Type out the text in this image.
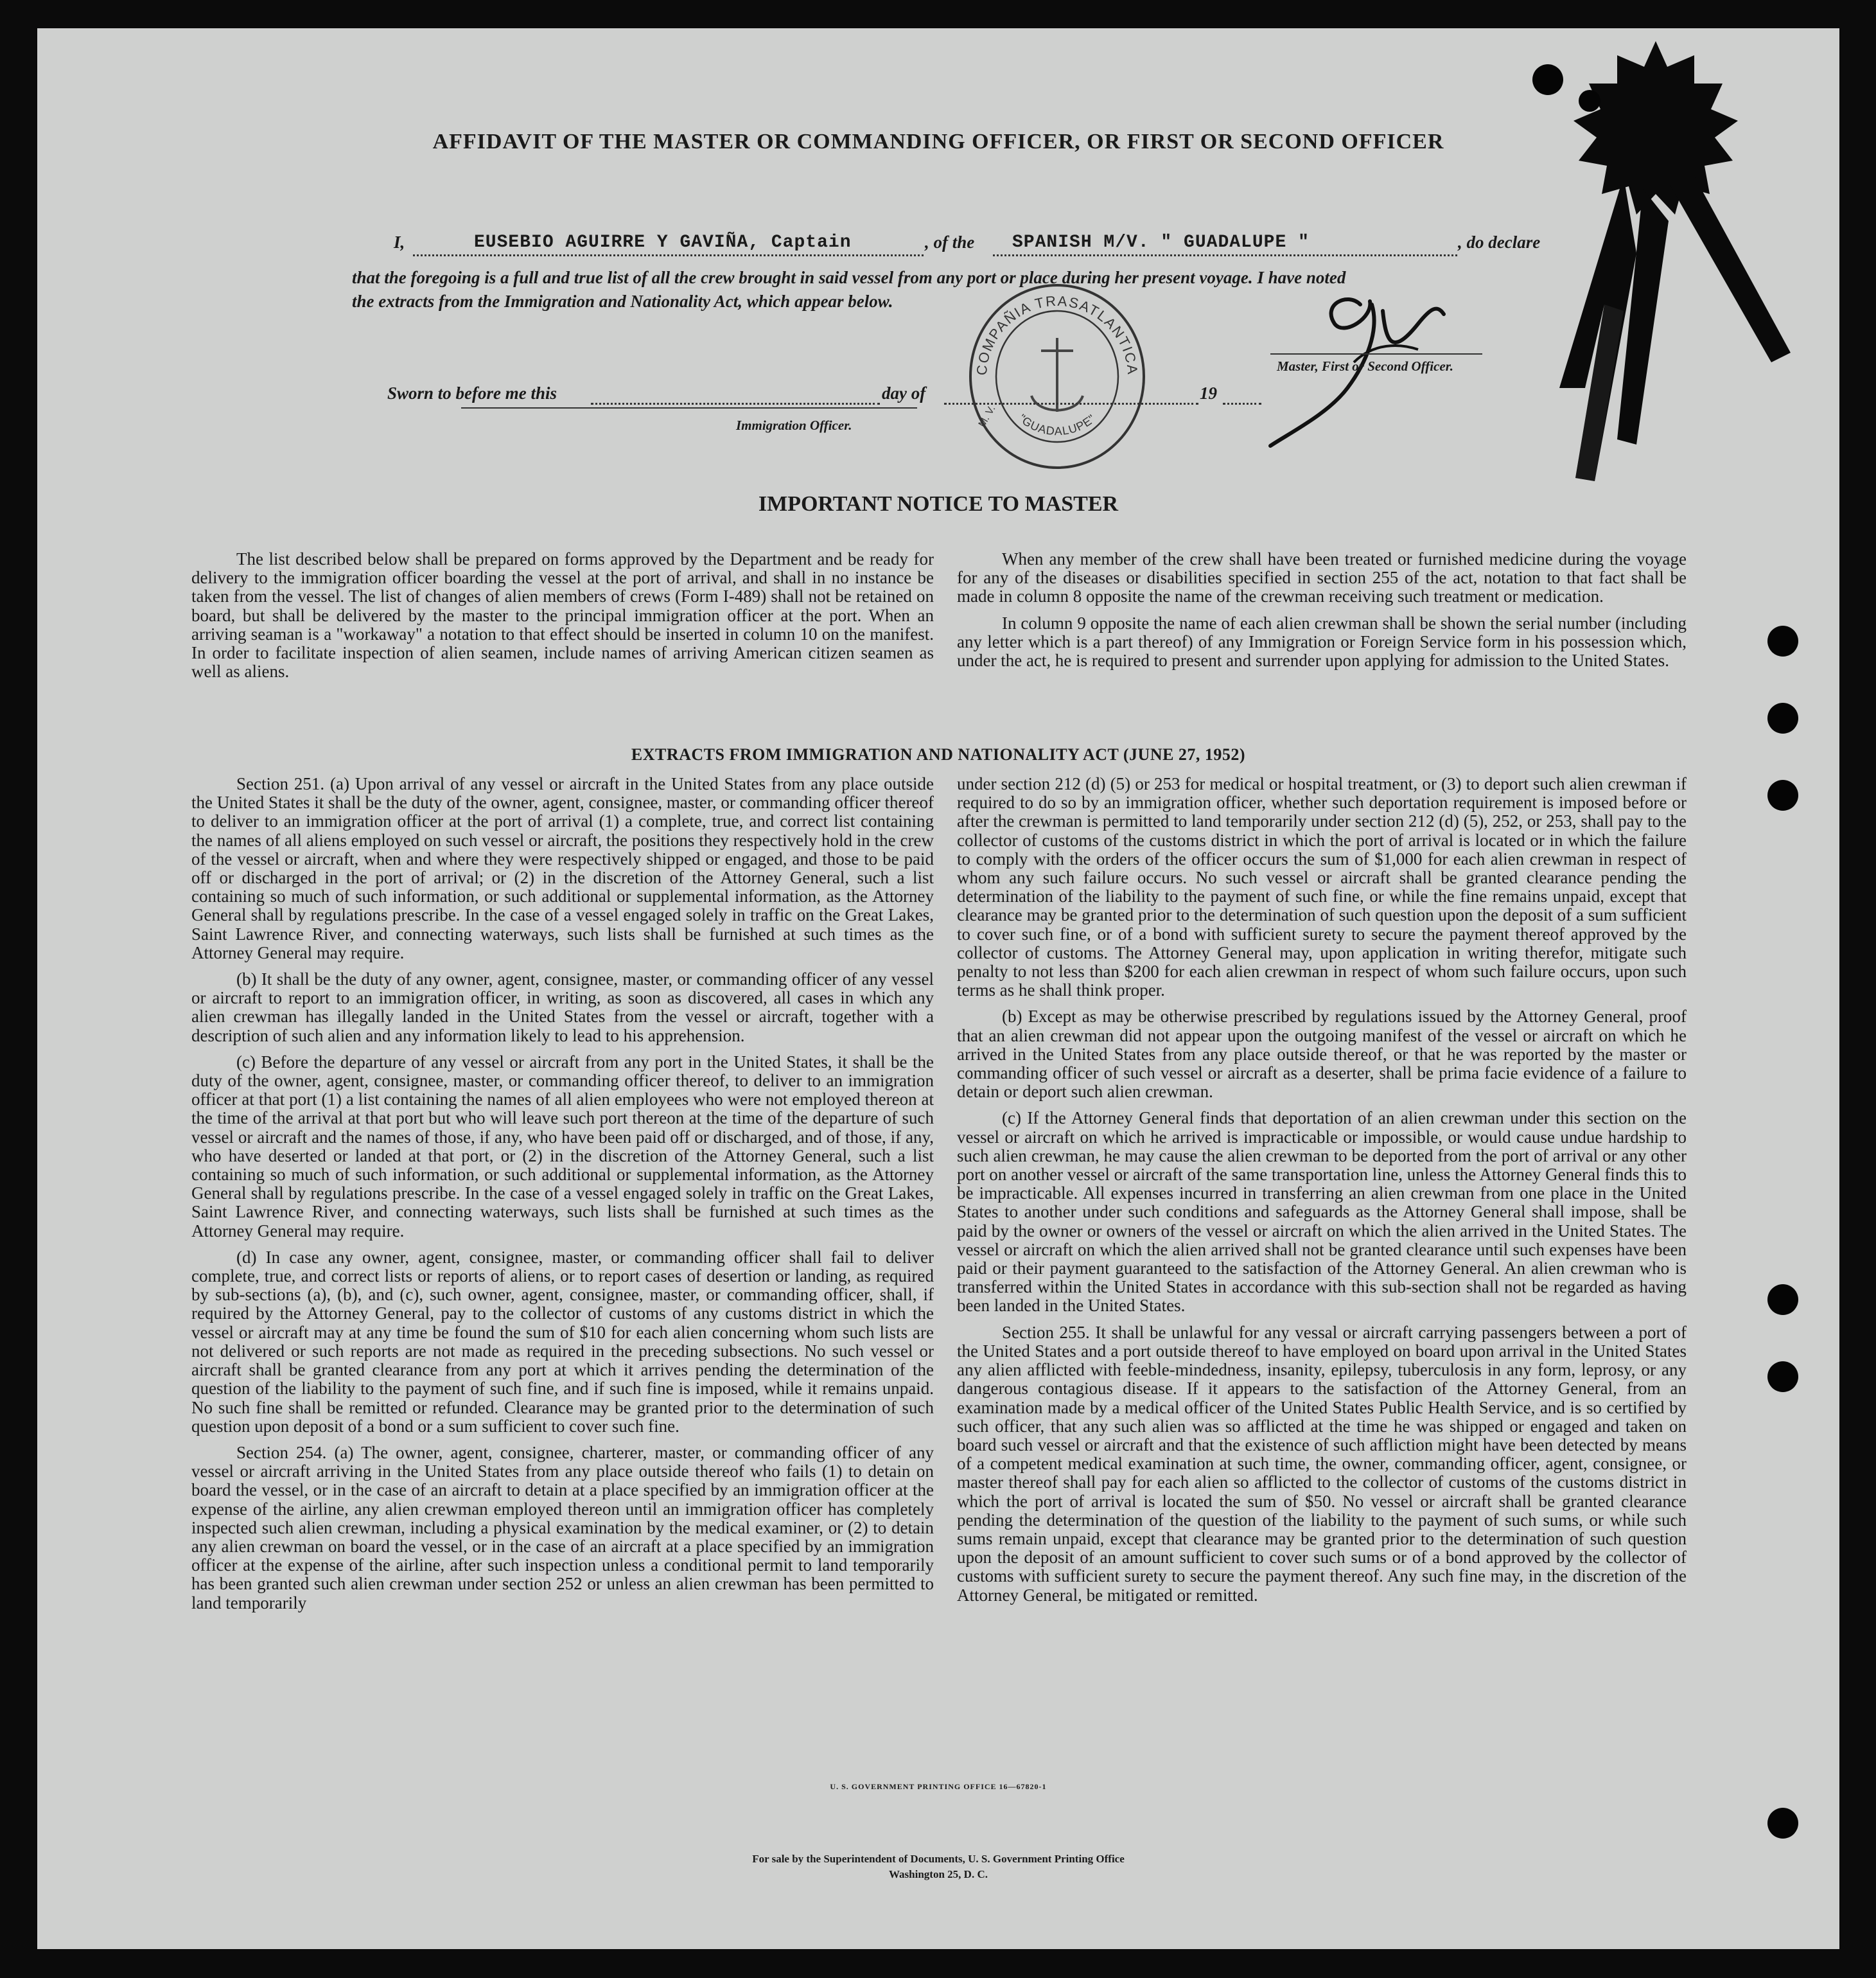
AFFIDAVIT OF THE MASTER OR COMMANDING OFFICER, OR FIRST OR SECOND OFFICER
I,	EUSEBIO AGUIRRE Y GAVIÑA, Captain	, of the	SPANISH M/V. " GUADALUPE "	, do declare
that the foregoing is a full and true list of all the crew brought in said vessel from any port or place during her present voyage. I have noted
the extracts from the Immigration and Nationality Act, which appear below.
Master, First or Second Officer.
COMPAÑIA TRASATLANTICA
"GUADALUPE"
M. V.
Sworn to before me this	day of	19
Immigration Officer.
IMPORTANT NOTICE TO MASTER

The list described below shall be prepared on forms approved by the Department and be ready for delivery to the immigration officer boarding the vessel at the port of arrival, and shall in no instance be taken from the vessel. The list of changes of alien members of crews (Form I-489) shall not be retained on board, but shall be delivered by the master to the principal immigration officer at the port. When an arriving seaman is a "workaway" a notation to that effect should be inserted in column 10 on the manifest. In order to facilitate inspection of alien seamen, include names of arriving American citizen seamen as well as aliens.

When any member of the crew shall have been treated or furnished medicine during the voyage for any of the diseases or disabilities specified in section 255 of the act, notation to that fact shall be made in column 8 opposite the name of the crewman receiving such treatment or medication.

In column 9 opposite the name of each alien crewman shall be shown the serial number (including any letter which is a part thereof) of any Immigration or Foreign Service form in his possession which, under the act, he is required to present and surrender upon applying for admission to the United States.

EXTRACTS FROM IMMIGRATION AND NATIONALITY ACT (JUNE 27, 1952)

Section 251. (a) Upon arrival of any vessel or aircraft in the United States from any place outside the United States it shall be the duty of the owner, agent, consignee, master, or commanding officer thereof to deliver to an immigration officer at the port of arrival (1) a complete, true, and correct list containing the names of all aliens employed on such vessel or aircraft, the positions they respectively hold in the crew of the vessel or aircraft, when and where they were respectively shipped or engaged, and those to be paid off or discharged in the port of arrival; or (2) in the discretion of the Attorney General, such a list containing so much of such information, or such additional or supplemental information, as the Attorney General shall by regulations prescribe. In the case of a vessel engaged solely in traffic on the Great Lakes, Saint Lawrence River, and connecting waterways, such lists shall be furnished at such times as the Attorney General may require.

(b) It shall be the duty of any owner, agent, consignee, master, or commanding officer of any vessel or aircraft to report to an immigration officer, in writing, as soon as discovered, all cases in which any alien crewman has illegally landed in the United States from the vessel or aircraft, together with a description of such alien and any information likely to lead to his apprehension.

(c) Before the departure of any vessel or aircraft from any port in the United States, it shall be the duty of the owner, agent, consignee, master, or commanding officer thereof, to deliver to an immigration officer at that port (1) a list containing the names of all alien employees who were not employed thereon at the time of the arrival at that port but who will leave such port thereon at the time of the departure of such vessel or aircraft and the names of those, if any, who have been paid off or discharged, and of those, if any, who have deserted or landed at that port, or (2) in the discretion of the Attorney General, such a list containing so much of such information, or such additional or supplemental information, as the Attorney General shall by regulations prescribe. In the case of a vessel engaged solely in traffic on the Great Lakes, Saint Lawrence River, and connecting waterways, such lists shall be furnished at such times as the Attorney General may require.

(d) In case any owner, agent, consignee, master, or commanding officer shall fail to deliver complete, true, and correct lists or reports of aliens, or to report cases of desertion or landing, as required by sub-sections (a), (b), and (c), such owner, agent, consignee, master, or commanding officer, shall, if required by the Attorney General, pay to the collector of customs of any customs district in which the vessel or aircraft may at any time be found the sum of $10 for each alien concerning whom such lists are not delivered or such reports are not made as required in the preceding subsections. No such vessel or aircraft shall be granted clearance from any port at which it arrives pending the determination of the question of the liability to the payment of such fine, and if such fine is imposed, while it remains unpaid. No such fine shall be remitted or refunded. Clearance may be granted prior to the determination of such question upon deposit of a bond or a sum sufficient to cover such fine.

Section 254. (a) The owner, agent, consignee, charterer, master, or commanding officer of any vessel or aircraft arriving in the United States from any place outside thereof who fails (1) to detain on board the vessel, or in the case of an aircraft to detain at a place specified by an immigration officer at the expense of the airline, any alien crewman employed thereon until an immigration officer has completely inspected such alien crewman, including a physical examination by the medical examiner, or (2) to detain any alien crewman on board the vessel, or in the case of an aircraft at a place specified by an immigration officer at the expense of the airline, after such inspection unless a conditional permit to land temporarily has been granted such alien crewman under section 252 or unless an alien crewman has been permitted to land temporarily

under section 212 (d) (5) or 253 for medical or hospital treatment, or (3) to deport such alien crewman if required to do so by an immigration officer, whether such deportation requirement is imposed before or after the crewman is permitted to land temporarily under section 212 (d) (5), 252, or 253, shall pay to the collector of customs of the customs district in which the port of arrival is located or in which the failure to comply with the orders of the officer occurs the sum of $1,000 for each alien crewman in respect of whom any such failure occurs. No such vessel or aircraft shall be granted clearance pending the determination of the liability to the payment of such fine, or while the fine remains unpaid, except that clearance may be granted prior to the determination of such question upon the deposit of a sum sufficient to cover such fine, or of a bond with sufficient surety to secure the payment thereof approved by the collector of customs. The Attorney General may, upon application in writing therefor, mitigate such penalty to not less than $200 for each alien crewman in respect of whom such failure occurs, upon such terms as he shall think proper.

(b) Except as may be otherwise prescribed by regulations issued by the Attorney General, proof that an alien crewman did not appear upon the outgoing manifest of the vessel or aircraft on which he arrived in the United States from any place outside thereof, or that he was reported by the master or commanding officer of such vessel or aircraft as a deserter, shall be prima facie evidence of a failure to detain or deport such alien crewman.

(c) If the Attorney General finds that deportation of an alien crewman under this section on the vessel or aircraft on which he arrived is impracticable or impossible, or would cause undue hardship to such alien crewman, he may cause the alien crewman to be deported from the port of arrival or any other port on another vessel or aircraft of the same transportation line, unless the Attorney General finds this to be impracticable. All expenses incurred in transferring an alien crewman from one place in the United States to another under such conditions and safeguards as the Attorney General shall impose, shall be paid by the owner or owners of the vessel or aircraft on which the alien arrived in the United States. The vessel or aircraft on which the alien arrived shall not be granted clearance until such expenses have been paid or their payment guaranteed to the satisfaction of the Attorney General. An alien crewman who is transferred within the United States in accordance with this sub-section shall not be regarded as having been landed in the United States.

Section 255. It shall be unlawful for any vessal or aircraft carrying passengers between a port of the United States and a port outside thereof to have employed on board upon arrival in the United States any alien afflicted with feeble-mindedness, insanity, epilepsy, tuberculosis in any form, leprosy, or any dangerous contagious disease. If it appears to the satisfaction of the Attorney General, from an examination made by a medical officer of the United States Public Health Service, and is so certified by such officer, that any such alien was so afflicted at the time he was shipped or engaged and taken on board such vessel or aircraft and that the existence of such affliction might have been detected by means of a competent medical examination at such time, the owner, commanding officer, agent, consignee, or master thereof shall pay for each alien so afflicted to the collector of customs of the customs district in which the port of arrival is located the sum of $50. No vessel or aircraft shall be granted clearance pending the determination of the question of the liability to the payment of such sums, or while such sums remain unpaid, except that clearance may be granted prior to the determination of such question upon the deposit of an amount sufficient to cover such sums or of a bond approved by the collector of customs with sufficient surety to secure the payment thereof. Any such fine may, in the discretion of the Attorney General, be mitigated or remitted.

U. S. GOVERNMENT PRINTING OFFICE 16—67820-1
For sale by the Superintendent of Documents, U. S. Government Printing Office
Washington 25, D. C.
